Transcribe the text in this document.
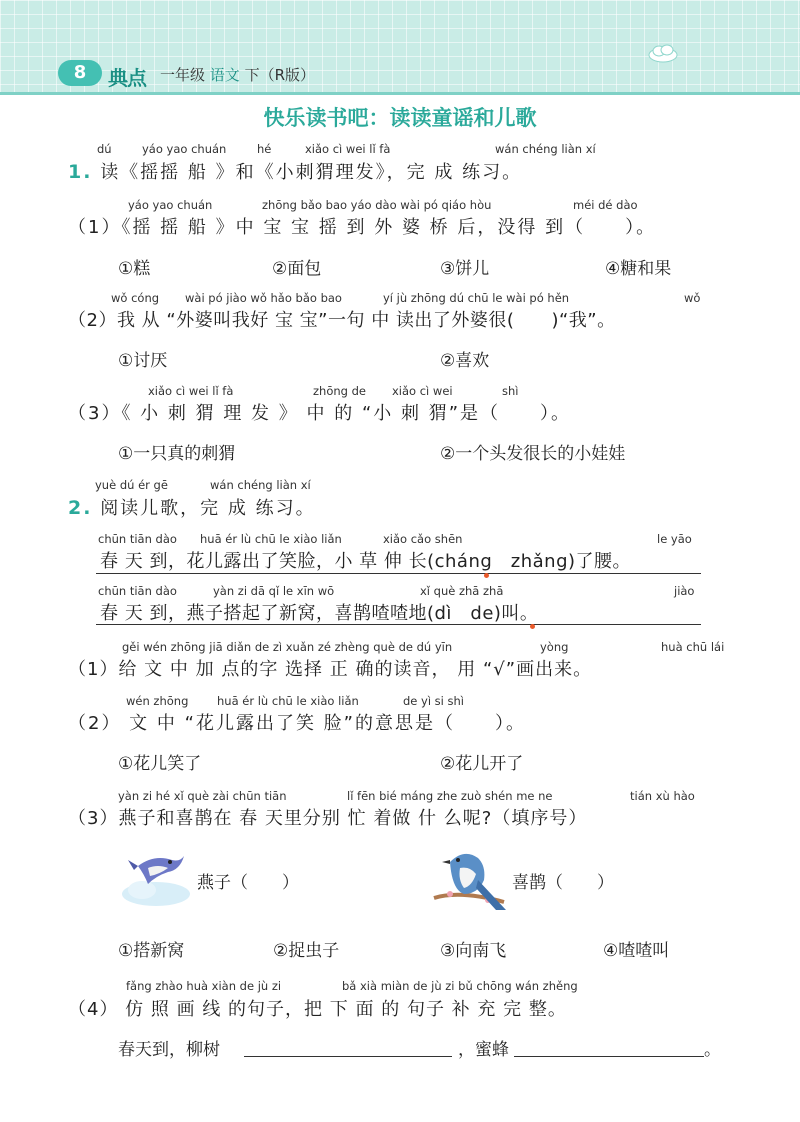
8	典点 一年级 语文 下（R版）
快乐读书吧：读读童谣和儿歌
dú	yáo yao chuán	hé	xiǎo cì wei lǐ fà	wán chéng liàn xí
1. 读《摇摇 船 》和《小刺猬理发》，完 成 练习。
yáo yao chuán	zhōng bǎo bao yáo dào wài pó qiáo hòu	méi dé dào
（1）《摇 摇 船 》中 宝 宝 摇 到 外 婆 桥 后，没得 到（　　）。
①糕	②面包	③饼儿	④糖和果
wǒ cóng wài pó jiào wǒ hǎo bǎo bao	yí jù zhōng dú chū le wài pó hěn	wǒ
（2）我 从 “外婆叫我好 宝 宝”一句 中 读出了外婆很(　　)“我”。
①讨厌	②喜欢
xiǎo cì wei lǐ fà	zhōng de xiǎo cì wei	shì
（3）《 小 刺 猬 理 发 》 中 的 “小 刺 猬”是（　　）。
①一只真的刺猬	②一个头发很长的小娃娃
yuè dú ér gē	wán chéng liàn xí
2. 阅读儿歌，完 成 练习。
chūn tiān dào huā ér lù chū le xiào liǎn	xiǎo cǎo shēn	le yāo
春 天 到，花儿露出了笑脸，小 草 伸 长(cháng　zhǎng)了腰。
chūn tiān dào	yàn zi dā qǐ le xīn wō	xǐ què zhā zhā	jiào
春 天 到，燕子搭起了新窝，喜鹊喳喳地(dì　de)叫。
gěi wén zhōng jiā diǎn de zì xuǎn zé zhèng què de dú yīn	yòng	huà chū lái
（1）给 文 中 加 点的字 选择 正 确的读音， 用 “√”画出来。
wén zhōng huā ér lù chū le xiào liǎn	de yì si shì
（2） 文 中 “花儿露出了笑 脸”的意思是（　　）。
①花儿笑了	②花儿开了
yàn zi hé xǐ què zài chūn tiān	lǐ fēn bié máng zhe zuò shén me ne	tián xù hào
（3）燕子和喜鹊在 春 天里分别 忙 着做 什 么呢?（填序号）
燕子（　　）	喜鹊（　　）
①搭新窝	②捉虫子	③向南飞	④喳喳叫
fǎng zhào huà xiàn de jù zi	bǎ xià miàn de jù zi bǔ chōng wán zhěng
（4） 仿 照 画 线 的句子，把 下 面 的 句子 补 充 完 整。
春天到，柳树	，蜜蜂	。
